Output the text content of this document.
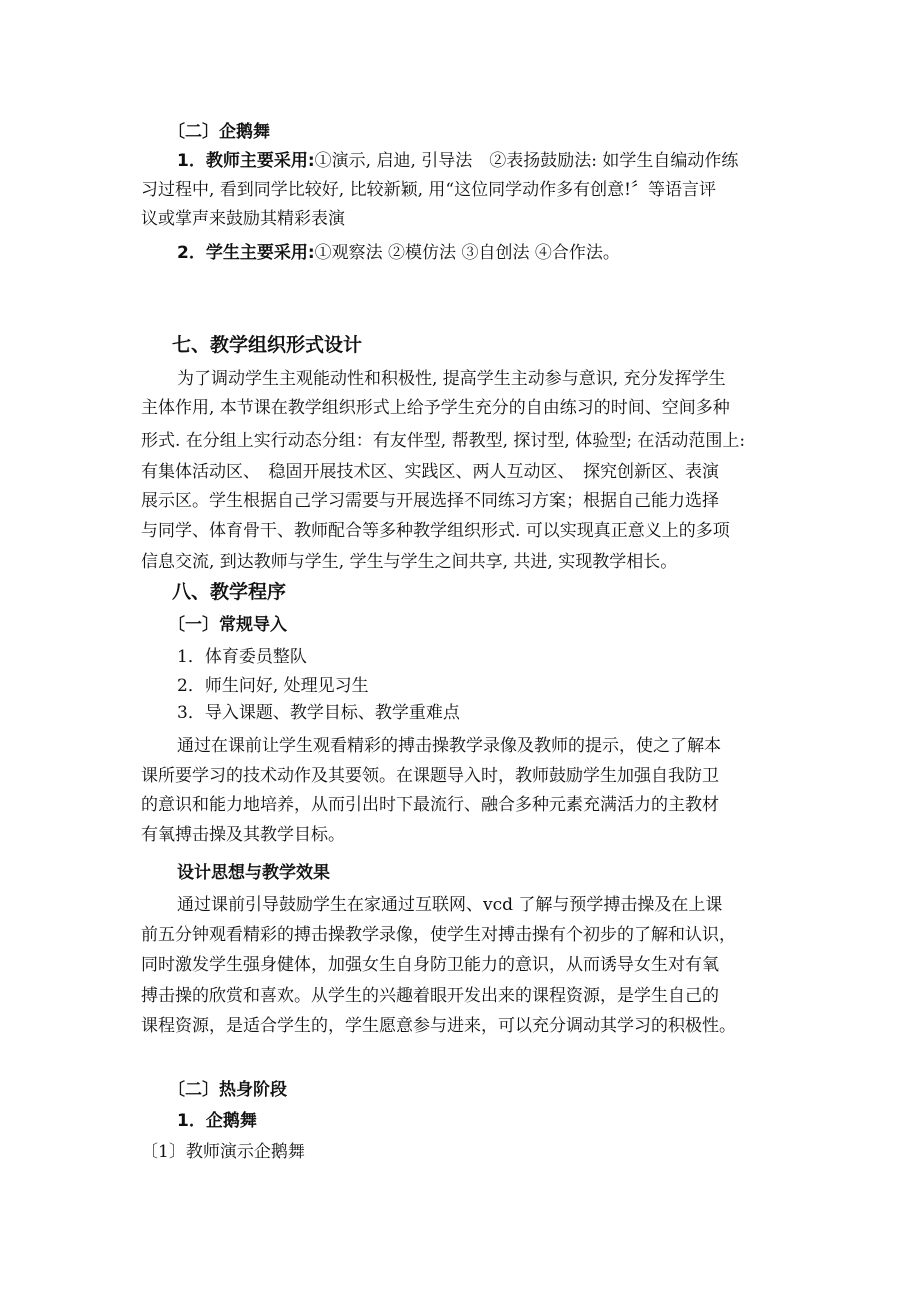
〔二〕企鹅舞
1．教师主要采用:①演示, 启迪, 引导法　②表扬鼓励法: 如学生自编动作练
习过程中, 看到同学比较好, 比较新颖, 用“这位同学动作多有创意!〞等语言评
议或掌声来鼓励其精彩表演
2．学生主要采用:①观察法 ②模仿法 ③自创法 ④合作法。
七、教学组织形式设计
为了调动学生主观能动性和积极性, 提高学生主动参与意识, 充分发挥学生
主体作用, 本节课在教学组织形式上给予学生充分的自由练习的时间、空间多种
形式. 在分组上实行动态分组：有友伴型, 帮教型, 探讨型, 体验型; 在活动范围上:
有集体活动区、　稳固开展技术区、实践区、两人互动区、　探究创新区、表演
展示区。学生根据自己学习需要与开展选择不同练习方案；根据自己能力选择
与同学、体育骨干、教师配合等多种教学组织形式. 可以实现真正意义上的多项
信息交流, 到达教师与学生, 学生与学生之间共享, 共进, 实现教学相长。
八、教学程序
〔一〕常规导入
1．体育委员整队
2．师生问好, 处理见习生
3．导入课题、教学目标、教学重难点
通过在课前让学生观看精彩的搏击操教学录像及教师的提示，使之了解本
课所要学习的技术动作及其要领。在课题导入时，教师鼓励学生加强自我防卫
的意识和能力地培养，从而引出时下最流行、融合多种元素充满活力的主教材
有氧搏击操及其教学目标。
设计思想与教学效果
通过课前引导鼓励学生在家通过互联网、vcd 了解与预学搏击操及在上课
前五分钟观看精彩的搏击操教学录像，使学生对搏击操有个初步的了解和认识，
同时激发学生强身健体，加强女生自身防卫能力的意识，从而诱导女生对有氧
搏击操的欣赏和喜欢。从学生的兴趣着眼开发出来的课程资源，是学生自己的
课程资源，是适合学生的，学生愿意参与进来，可以充分调动其学习的积极性。
〔二〕热身阶段
1．企鹅舞
〔1〕教师演示企鹅舞
